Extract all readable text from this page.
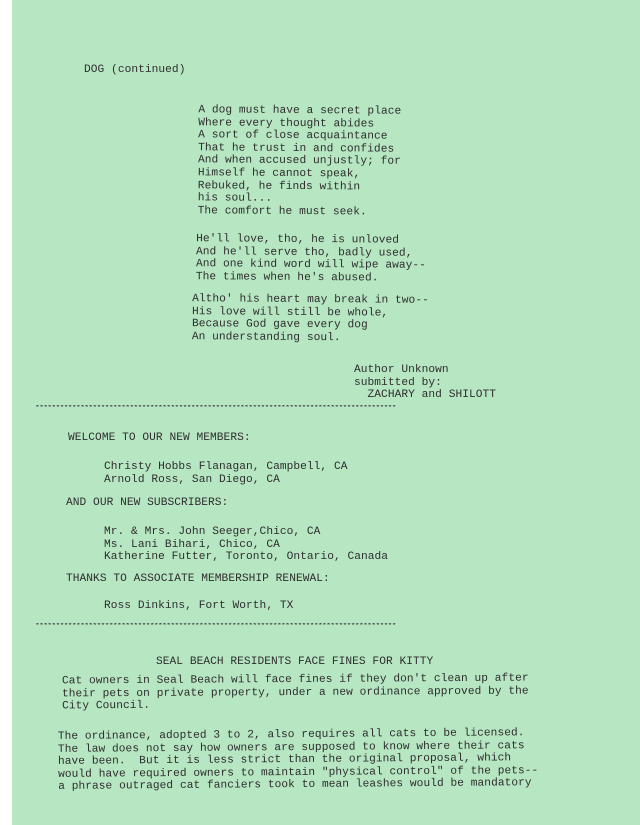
DOG (continued)

A dog must have a secret place
Where every thought abides
A sort of close acquaintance
That he trust in and confides
And when accused unjustly; for
Himself he cannot speak,
Rebuked, he finds within
his soul...
The comfort he must seek.

He'll love, tho, he is unloved
And he'll serve tho, badly used,
And one kind word will wipe away--
The times when he's abused.

Altho' his heart may break in two--
His love will still be whole,
Because God gave every dog
An understanding soul.

Author Unknown
submitted by:
ZACHARY and SHILOTT

****************************************************************************************

WELCOME TO OUR NEW MEMBERS:

Christy Hobbs Flanagan, Campbell, CA
Arnold Ross, San Diego, CA

AND OUR NEW SUBSCRIBERS:

Mr. & Mrs. John Seeger,Chico, CA
Ms. Lani Bihari, Chico, CA
Katherine Futter, Toronto, Ontario, Canada

THANKS TO ASSOCIATE MEMBERSHIP RENEWAL:

Ross Dinkins, Fort Worth, TX

****************************************************************************************

SEAL BEACH RESIDENTS FACE FINES FOR KITTY

Cat owners in Seal Beach will face fines if they don't clean up after
their pets on private property, under a new ordinance approved by the
City Council.

The ordinance, adopted 3 to 2, also requires all cats to be licensed.
The law does not say how owners are supposed to know where their cats
have been.  But it is less strict than the original proposal, which
would have required owners to maintain "physical control" of the pets--
a phrase outraged cat fanciers took to mean leashes would be mandatory
